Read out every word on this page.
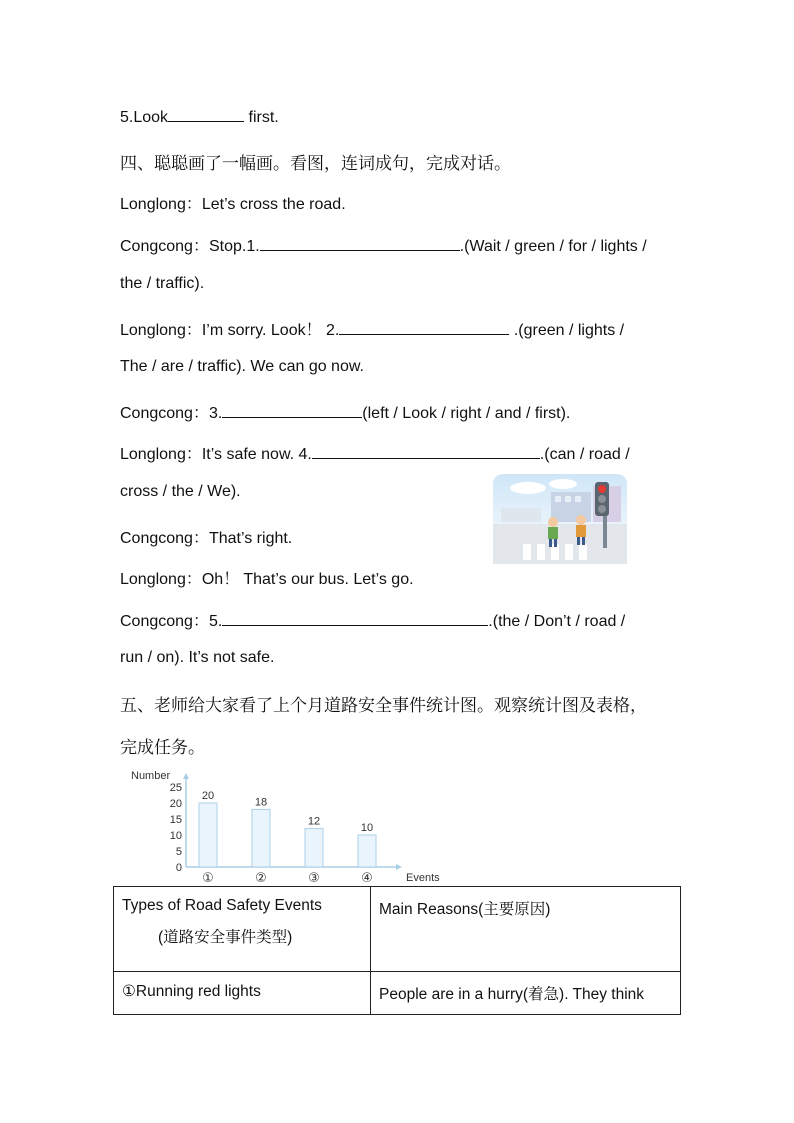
5.Look	first.
四、聪聪画了一幅画。看图，连词成句，完成对话。
Longlong：Let’s cross the road.
Congcong：Stop.1.	.(Wait / green / for / lights /
the / traffic).
Longlong：I’m sorry. Look！ 2.	.(green / lights /
The / are / traffic). We can go now.
Congcong：3.	(left / Look / right / and / first).
Longlong：It’s safe now. 4.	.(can / road /
cross / the / We).
Congcong：That’s right.
Longlong：Oh！ That’s our bus. Let’s go.
Congcong：5.	.(the / Don’t / road /
run / on). It’s not safe.
五、老师给大家看了上个月道路安全事件统计图。观察统计图及表格，
完成任务。
0
5
10
15
20
25
Number
Events
20
①
18
②
12
③
10
④
Types of Road Safety Events
(道路安全事件类型)	Main Reasons(主要原因)
①Running red lights	People are in a hurry(着急). They think
